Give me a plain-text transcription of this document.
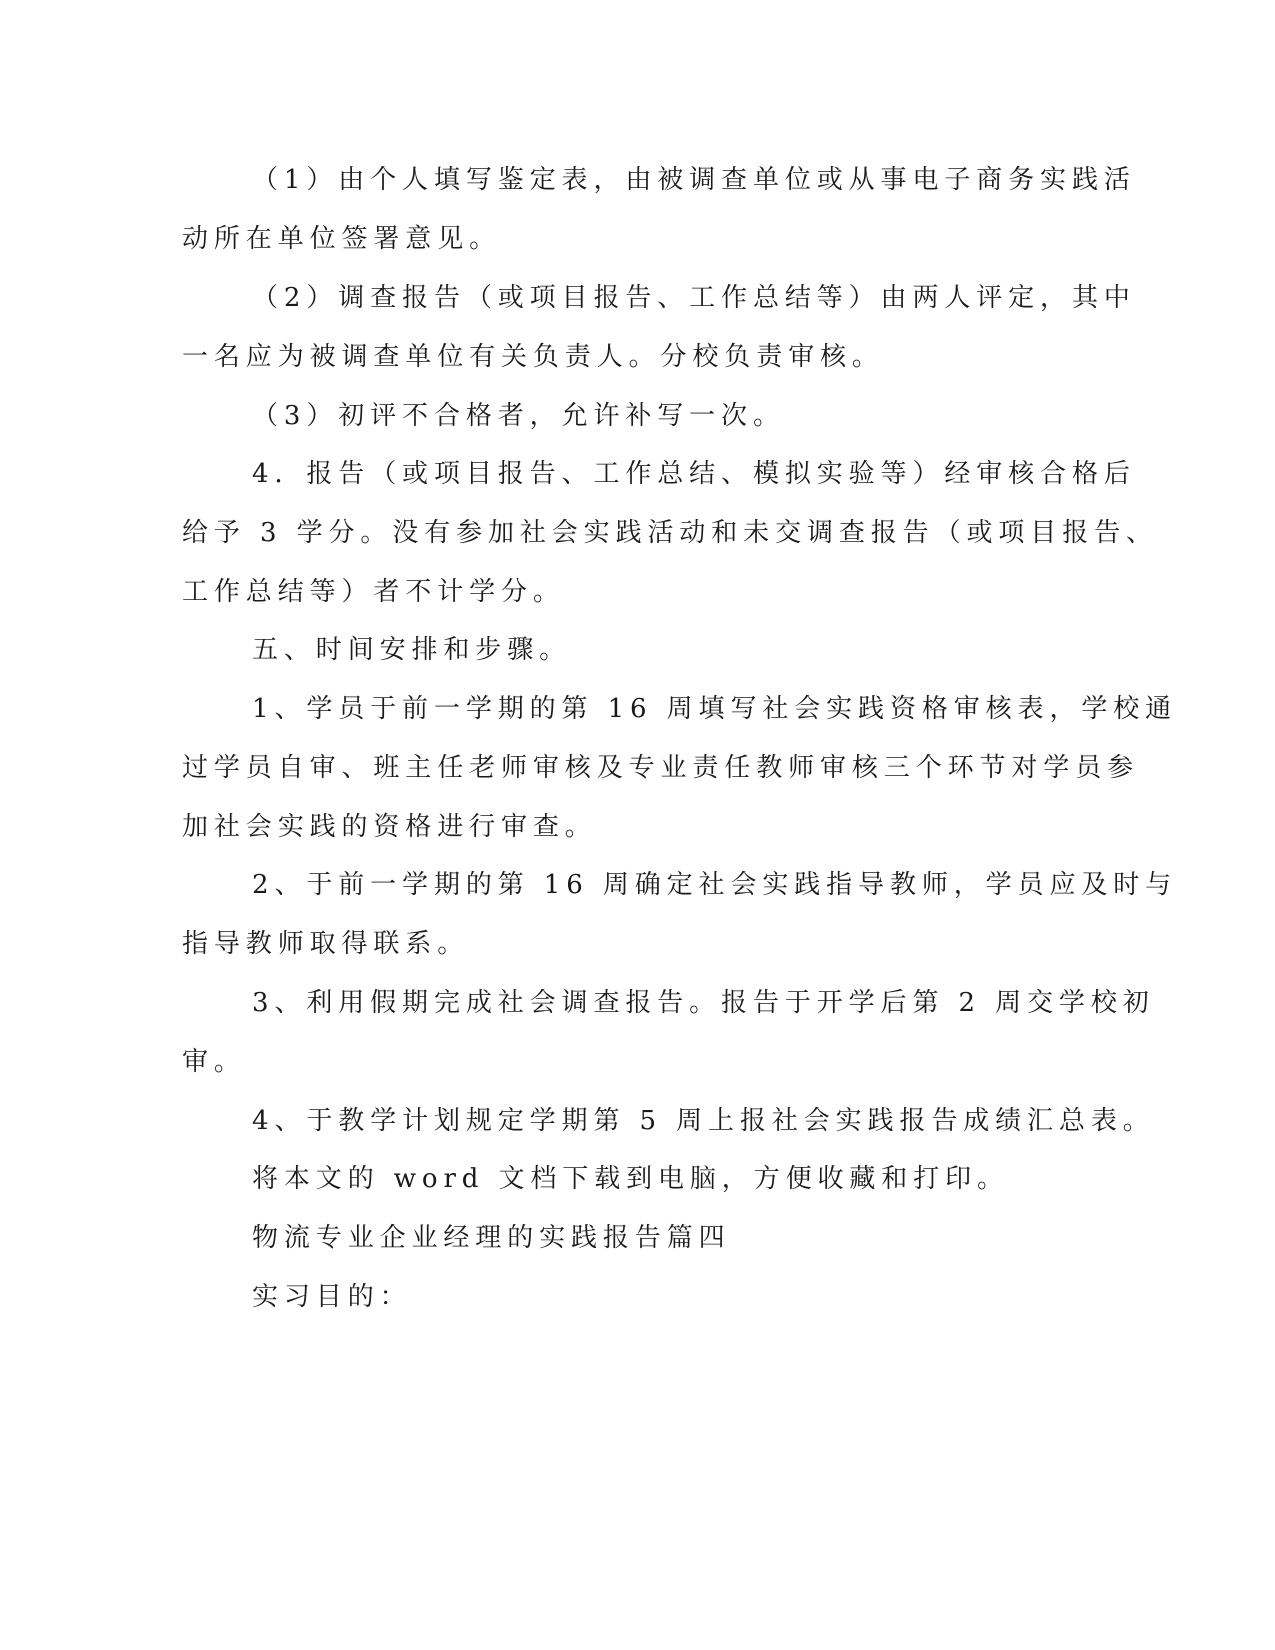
（1）由个人填写鉴定表，由被调查单位或从事电子商务实践活

动所在单位签署意见。

（2）调查报告（或项目报告、工作总结等）由两人评定，其中

一名应为被调查单位有关负责人。分校负责审核。

（3）初评不合格者，允许补写一次。

4．报告（或项目报告、工作总结、模拟实验等）经审核合格后

给予 3 学分。没有参加社会实践活动和未交调查报告（或项目报告、

工作总结等）者不计学分。

五、时间安排和步骤。

1、学员于前一学期的第 16 周填写社会实践资格审核表，学校通

过学员自审、班主任老师审核及专业责任教师审核三个环节对学员参

加社会实践的资格进行审查。

2、于前一学期的第 16 周确定社会实践指导教师，学员应及时与

指导教师取得联系。

3、利用假期完成社会调查报告。报告于开学后第 2 周交学校初

审。

4、于教学计划规定学期第 5 周上报社会实践报告成绩汇总表。

将本文的 word 文档下载到电脑，方便收藏和打印。

物流专业企业经理的实践报告篇四

实习目的：
